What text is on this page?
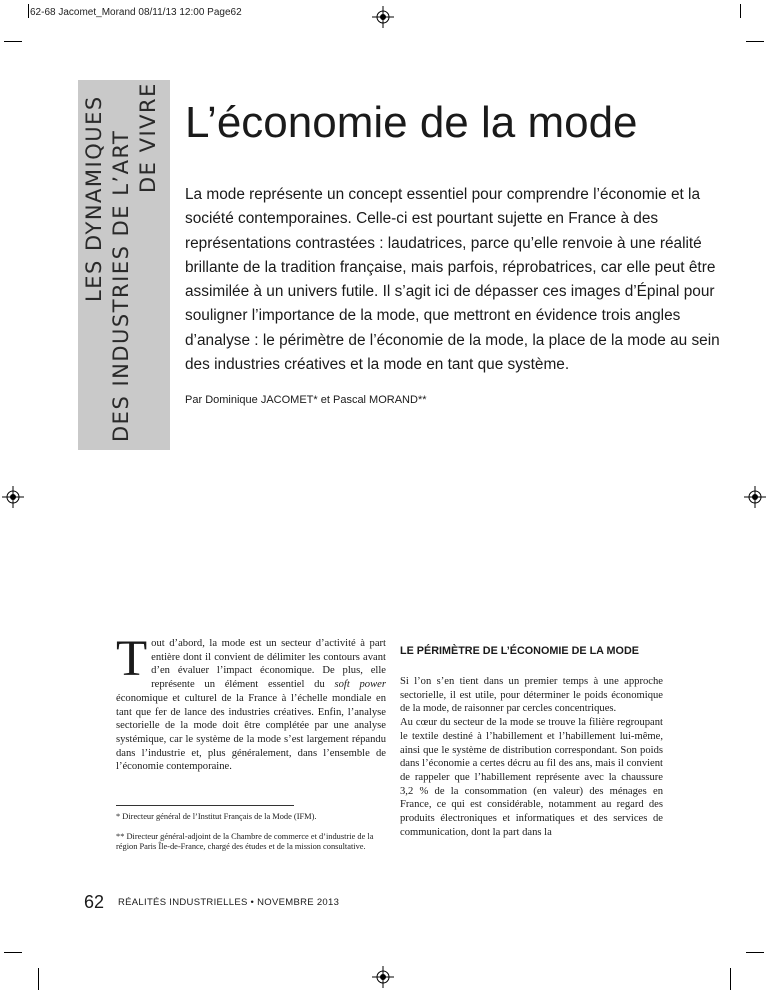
62-68 Jacomet_Morand 08/11/13 12:00 Page62
LES DYNAMIQUES DES INDUSTRIES DE L’ART DE VIVRE L’économie de la mode

La mode représente un concept essentiel pour comprendre l’économie et la société contemporaines. Celle-ci est pourtant sujette en France à des représentations contrastées : laudatrices, parce qu’elle renvoie à une réalité brillante de la tradition française, mais parfois, réprobatrices, car elle peut être assimilée à un univers futile. Il s’agit ici de dépasser ces images d’Épinal pour souligner l’importance de la mode, que mettront en évidence trois angles d’analyse : le périmètre de l’économie de la mode, la place de la mode au sein des industries créatives et la mode en tant que système.

Par Dominique JACOMET* et Pascal MORAND**

Tout d’abord, la mode est un secteur d’activité à part entière dont il convient de délimiter les contours avant d’en évaluer l’impact économique. De plus, elle représente un élément essentiel du soft power économique et culturel de la France à l’échelle mondiale en tant que fer de lance des industries créatives. Enfin, l’analyse sectorielle de la mode doit être complétée par une analyse systémique, car le système de la mode s’est largement répandu dans l’industrie et, plus généralement, dans l’ensemble de l’économie contemporaine.

* Directeur général de l’Institut Français de la Mode (IFM).

** Directeur général-adjoint de la Chambre de commerce et d’industrie de la région Paris Île-de-France, chargé des études et de la mission consultative.

LE PÉRIMÈTRE DE L’ÉCONOMIE DE LA MODE

Si l’on s’en tient dans un premier temps à une approche sectorielle, il est utile, pour déterminer le poids économique de la mode, de raisonner par cercles concentriques.

Au cœur du secteur de la mode se trouve la filière regroupant le textile destiné à l’habillement et l’habillement lui-même, ainsi que le système de distribution correspondant. Son poids dans l’économie a certes décru au fil des ans, mais il convient de rappeler que l’habillement représente avec la chaussure 3,2 % de la consommation (en valeur) des ménages en France, ce qui est considérable, notamment au regard des produits électroniques et informatiques et des services de communication, dont la part dans la

62 RÉALITÉS INDUSTRIELLES • NOVEMBRE 2013
